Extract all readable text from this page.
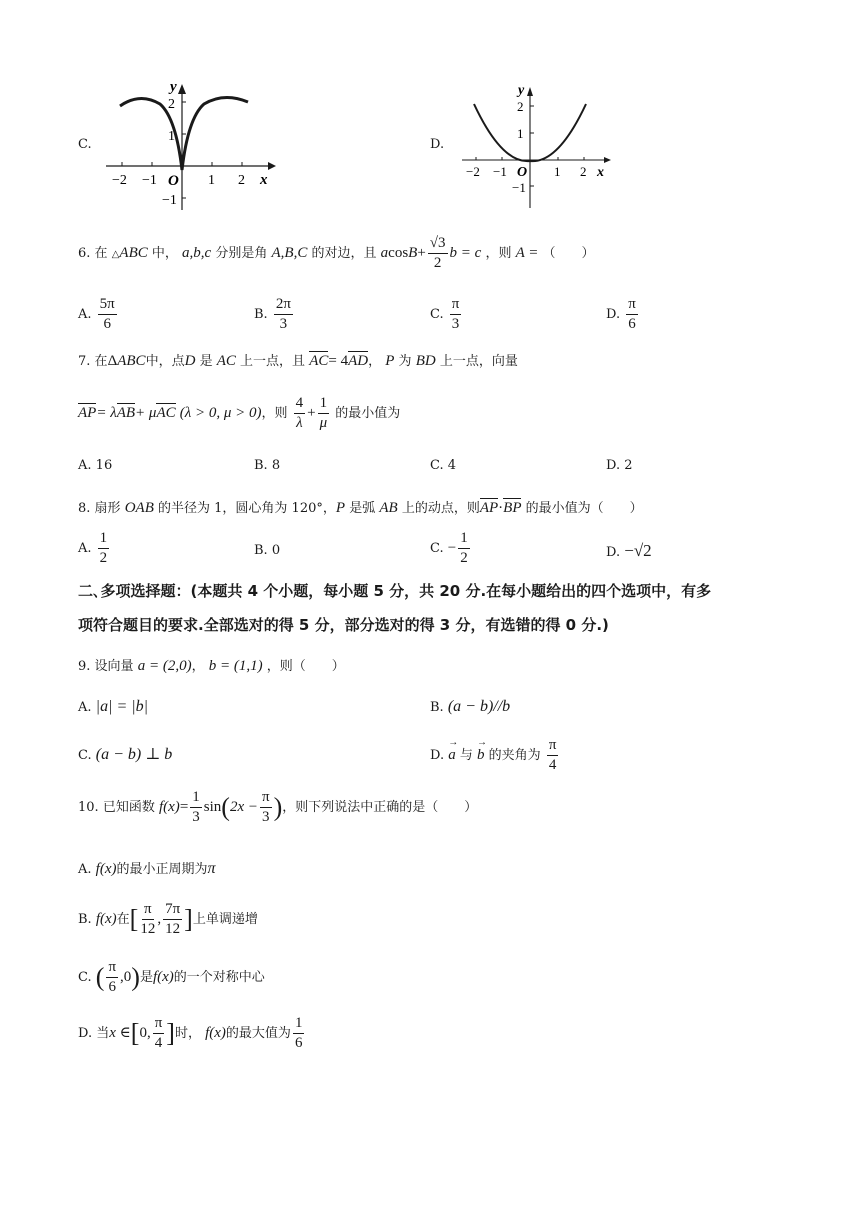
C.
y
x
O
−2 −1	1 2
2
1
−1
D.
y
x
O
−2 −1	1 2
2
1
−1
6. 在 △ABC 中， a,b,c 分别是角 A,B,C 的对边，且 $acosB+ \frac{√3}{2}$ b = c ，则 A = （　　）
A. $\frac{5\pi}{6}$	B. $\frac{2\pi}{3}$	C. $\frac{\pi}{3}$	D. $\frac{\pi}{6}$
7. 在ΔABC中，点D 是 AC 上一点，且 AC= 4AD， P 为 BD 上一点，向量
AP= λAB+ μAC (λ > 0, μ > 0)，则 $\frac{4}{\lambda} + \frac{1}{\mu}$ 的最小值为
A. 16	B. 8	C. 4	D. 2
8. 扇形 OAB 的半径为 1，圆心角为 120°，P 是弧 AB 上的动点，则AP·BP 的最小值为（　　）
A. $\frac{1}{2}$	B. 0	C. − $\frac{1}{2}$	D. −√2
二､多项选择题：(本题共 4 个小题，每小题 5 分，共 20 分.在每小题给出的四个选项中，有多
项符合题目的要求.全部选对的得 5 分，部分选对的得 3 分，有选错的得 0 分.)
9. 设向量 a = (2,0)， b = (1,1) ，则（　　）
A. |a| = |b|	B. (a − b)//b
C. (a − b) ⊥ b	D. → a 与 → b 的夹角为 $\frac{\pi}{4}$
10. 已知函数 $f(x)= \frac{1}{3} \sin(2x - \frac{\pi}{3}$ )，则下列说法中正确的是（　　）
A. f(x)的最小正周期为π
B. f(x)在[ $\frac{\pi}{12}$ , $\frac{7\pi}{12}$ ]上单调递增
C. ( $\frac{\pi}{6} ,0$)是f(x)的一个对称中心
D. 当x ∈[0, $\frac{\pi}{4}$ ]时， f(x)的最大值为 $\frac{1}{6}$
